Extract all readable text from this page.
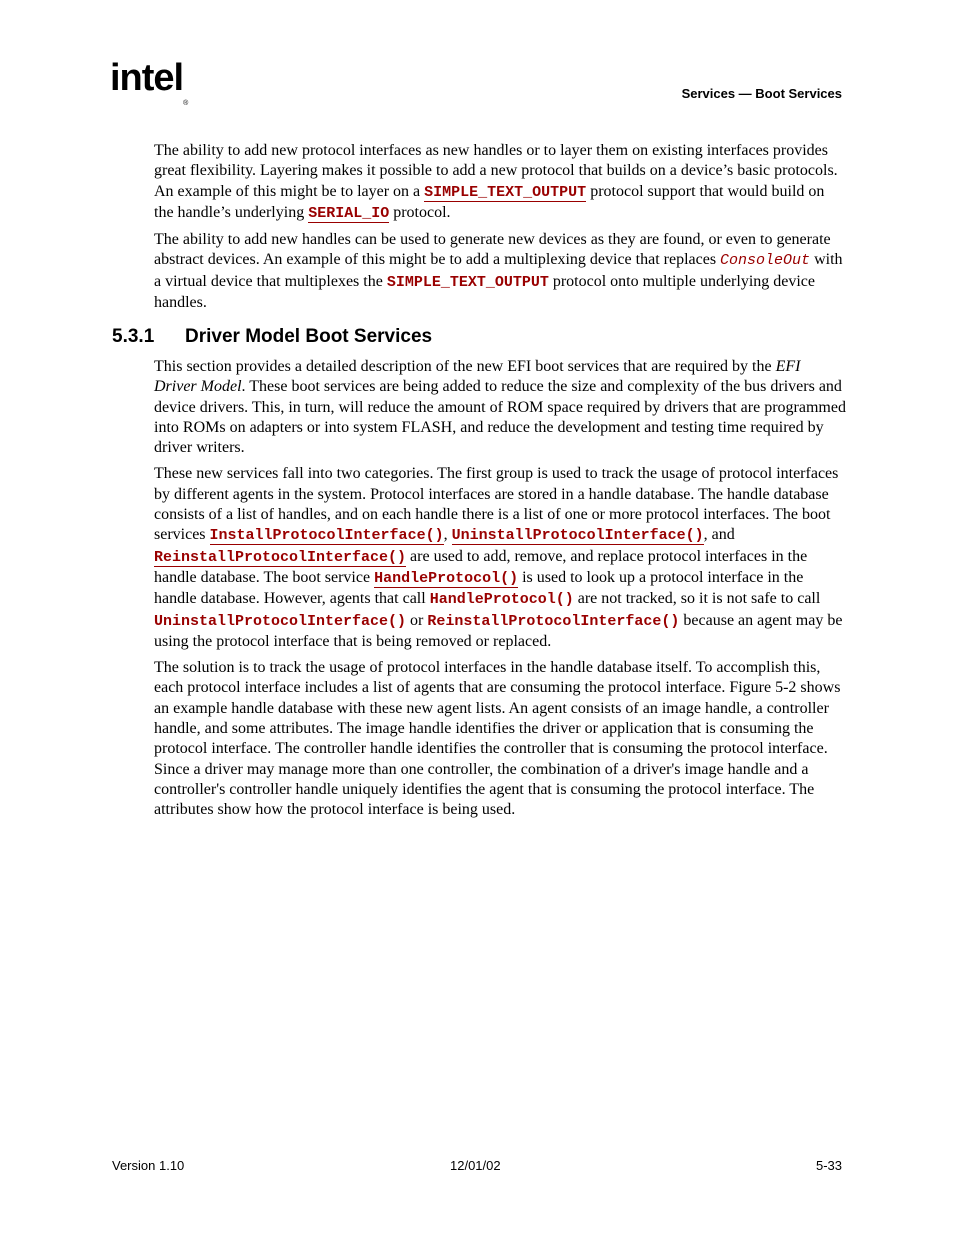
intel®
Services — Boot Services

The ability to add new protocol interfaces as new handles or to layer them on existing interfaces provides great flexibility. Layering makes it possible to add a new protocol that builds on a device’s basic protocols. An example of this might be to layer on a SIMPLE_TEXT_OUTPUT protocol support that would build on the handle’s underlying SERIAL_IO protocol.

The ability to add new handles can be used to generate new devices as they are found, or even to generate abstract devices. An example of this might be to add a multiplexing device that replaces ConsoleOut with a virtual device that multiplexes the SIMPLE_TEXT_OUTPUT protocol onto multiple underlying device handles.

5.3.1 Driver Model Boot Services

This section provides a detailed description of the new EFI boot services that are required by the EFI Driver Model. These boot services are being added to reduce the size and complexity of the bus drivers and device drivers. This, in turn, will reduce the amount of ROM space required by drivers that are programmed into ROMs on adapters or into system FLASH, and reduce the development and testing time required by driver writers.

These new services fall into two categories. The first group is used to track the usage of protocol interfaces by different agents in the system. Protocol interfaces are stored in a handle database. The handle database consists of a list of handles, and on each handle there is a list of one or more protocol interfaces. The boot services InstallProtocolInterface(), UninstallProtocolInterface(), and ReinstallProtocolInterface() are used to add, remove, and replace protocol interfaces in the handle database. The boot service HandleProtocol() is used to look up a protocol interface in the handle database. However, agents that call HandleProtocol() are not tracked, so it is not safe to call UninstallProtocolInterface() or ReinstallProtocolInterface() because an agent may be using the protocol interface that is being removed or replaced.

The solution is to track the usage of protocol interfaces in the handle database itself. To accomplish this, each protocol interface includes a list of agents that are consuming the protocol interface. Figure 5-2 shows an example handle database with these new agent lists. An agent consists of an image handle, a controller handle, and some attributes. The image handle identifies the driver or application that is consuming the protocol interface. The controller handle identifies the controller that is consuming the protocol interface. Since a driver may manage more than one controller, the combination of a driver's image handle and a controller's controller handle uniquely identifies the agent that is consuming the protocol interface. The attributes show how the protocol interface is being used.

Version 1.10	12/01/02	5-33
